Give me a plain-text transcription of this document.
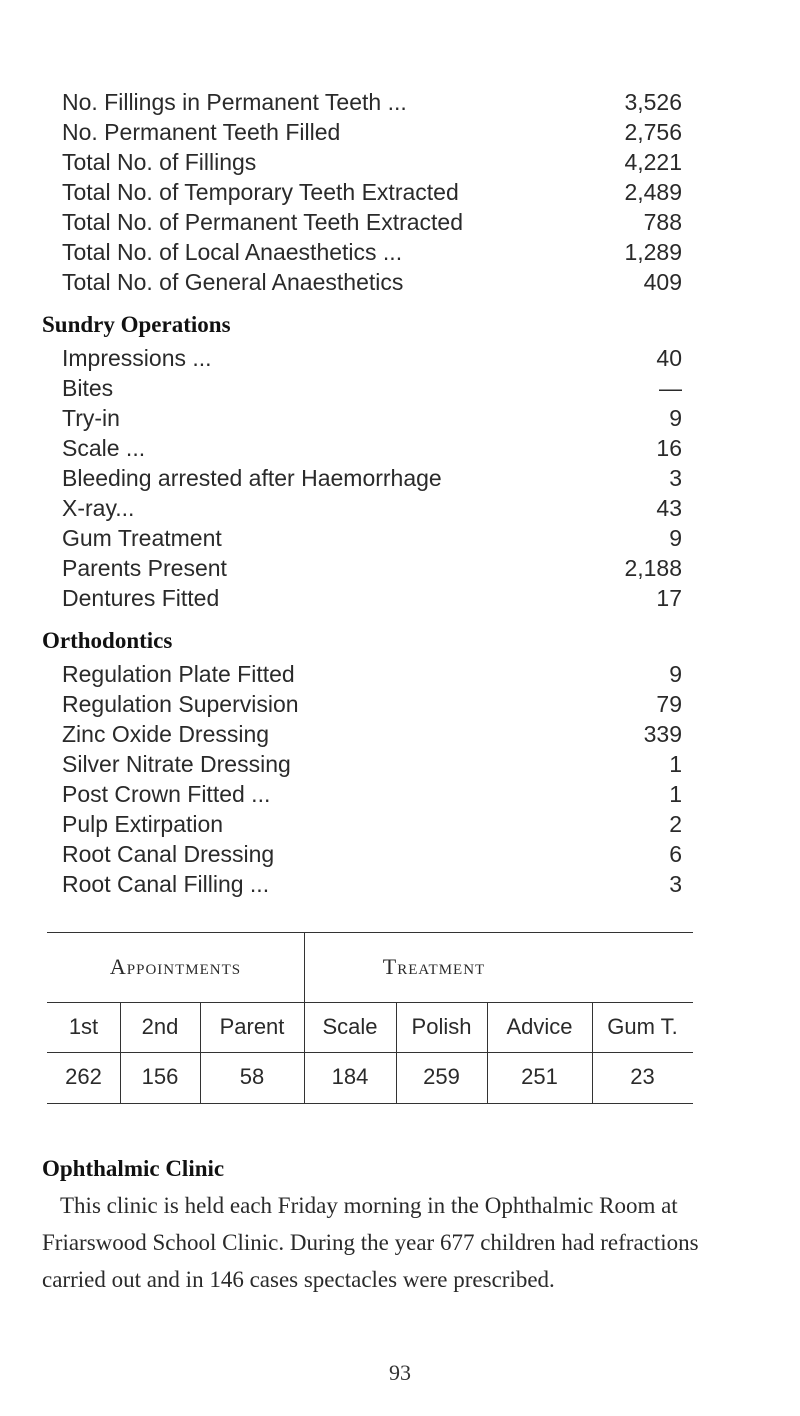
No. Fillings in Permanent Teeth ...	3,526
No. Permanent Teeth Filled	2,756
Total No. of Fillings	4,221
Total No. of Temporary Teeth Extracted	2,489
Total No. of Permanent Teeth Extracted	788
Total No. of Local Anaesthetics ...	1,289
Total No. of General Anaesthetics	409
Sundry Operations
Impressions ...	40
Bites	—
Try-in	9
Scale ...	16
Bleeding arrested after Haemorrhage	3
X-ray...	43
Gum Treatment	9
Parents Present	2,188
Dentures Fitted	17
Orthodontics
Regulation Plate Fitted	9
Regulation Supervision	79
Zinc Oxide Dressing	339
Silver Nitrate Dressing	1
Post Crown Fitted ...	1
Pulp Extirpation	2
Root Canal Dressing	6
Root Canal Filling ...	3
Appointments	Treatment
1st	2nd	Parent	Scale	Polish	Advice	Gum T.
262	156	58	184	259	251	23
Ophthalmic Clinic
This clinic is held each Friday morning in the Ophthalmic Room at Friarswood School Clinic. During the year 677 children had refractions carried out and in 146 cases spectacles were prescribed.
93
